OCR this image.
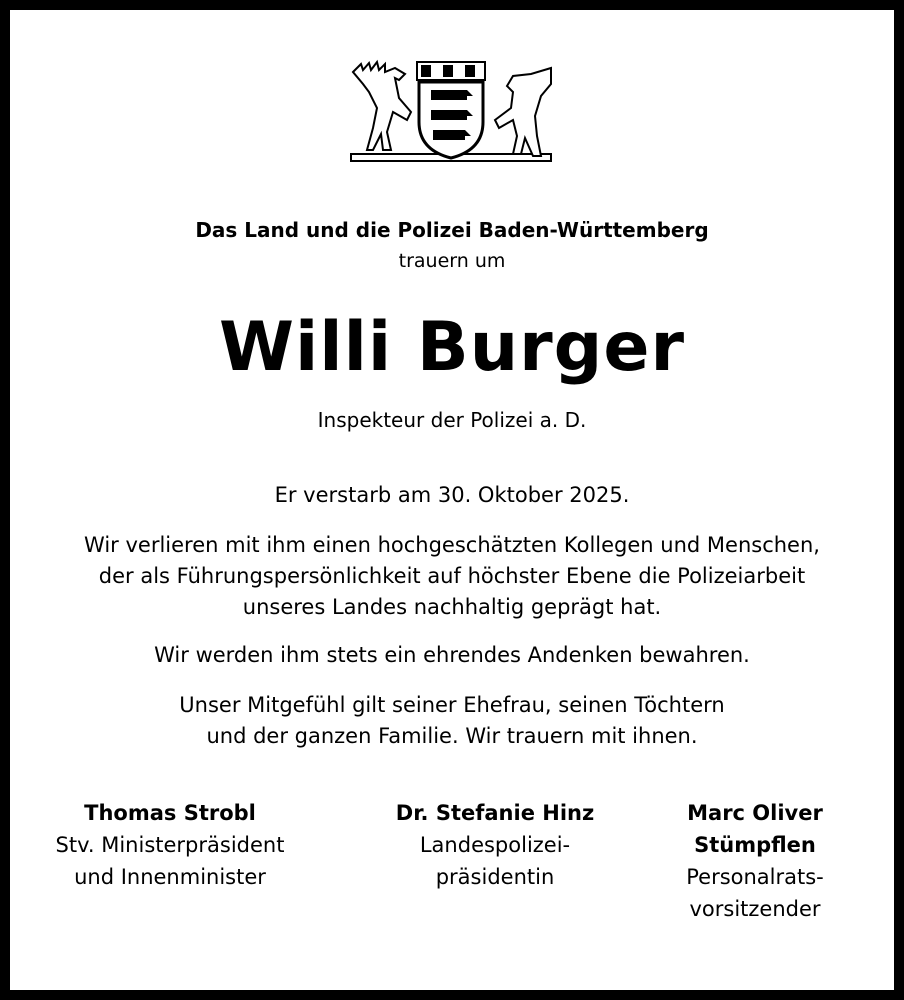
Das Land und die Polizei Baden-Württemberg
trauern um
Willi Burger
Inspekteur der Polizei a. D.
Er verstarb am 30. Oktober 2025.
Wir verlieren mit ihm einen hochgeschätzten Kollegen und Menschen,
der als Führungspersönlichkeit auf höchster Ebene die Polizeiarbeit
unseres Landes nachhaltig geprägt hat.
Wir werden ihm stets ein ehrendes Andenken bewahren.
Unser Mitgefühl gilt seiner Ehefrau, seinen Töchtern
und der ganzen Familie. Wir trauern mit ihnen.
Thomas Strobl
Stv. Ministerpräsident
und Innenminister
Dr. Stefanie Hinz
Landespolizei-
präsidentin
Marc Oliver
Stümpflen
Personalrats-
vorsitzender
